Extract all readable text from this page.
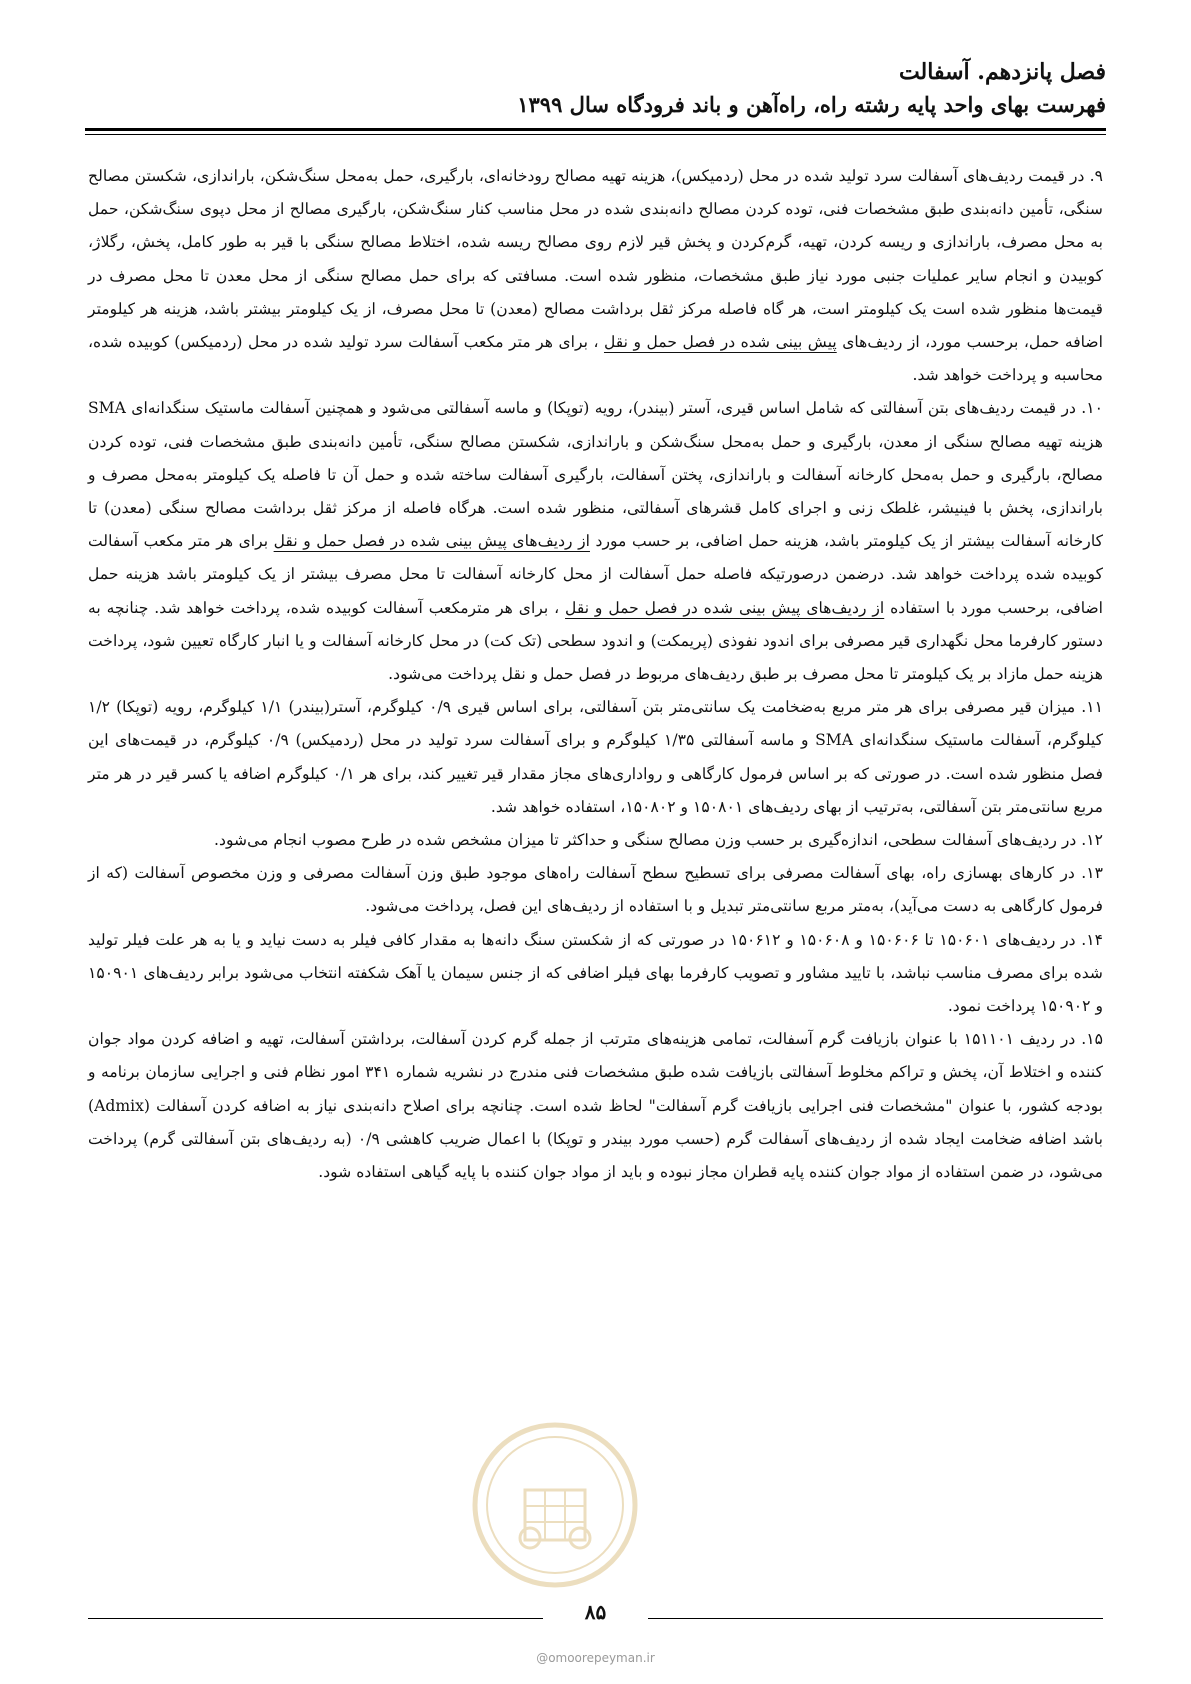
فصل پانزدهم. آسفالت
فهرست بهای واحد پایه رشته راه، راه‌آهن و باند فرودگاه سال ۱۳۹۹

۹. در قیمت ردیف‌های آسفالت سرد تولید شده در محل (ردمیکس)، هزینه تهیه مصالح رودخانه‌ای، بارگیری، حمل به‌محل سنگ‌شکن، باراندازی، شکستن مصالح سنگی، تأمین دانه‌بندی طبق مشخصات فنی، توده کردن مصالح دانه‌بندی شده در محل مناسب کنار سنگ‌شکن، بارگیری مصالح از محل دپوی سنگ‌شکن، حمل به محل مصرف، باراندازی و ریسه کردن، تهیه، گرم‌کردن و پخش قیر لازم روی مصالح ریسه شده، اختلاط مصالح سنگی با قیر به طور کامل، پخش، رگلاژ، کوبیدن و انجام سایر عملیات جنبی مورد نیاز طبق مشخصات، منظور شده است. مسافتی که برای حمل مصالح سنگی از محل معدن تا محل مصرف در قیمت‌ها منظور شده است یک کیلومتر است، هر گاه فاصله مرکز ثقل برداشت مصالح (معدن) تا محل مصرف، از یک کیلومتر بیشتر باشد، هزینه هر کیلومتر اضافه حمل، برحسب مورد، از ردیف‌های پیش بینی شده در فصل حمل و نقل ، برای هر متر مکعب آسفالت سرد تولید شده در محل (ردمیکس) کوبیده شده، محاسبه و پرداخت خواهد شد.

۱۰. در قیمت ردیف‌های بتن آسفالتی که شامل اساس قیری، آستر (بیندر)، رویه (توپکا) و ماسه آسفالتی می‌شود و همچنین آسفالت ماستیک سنگدانه‌ای SMA هزینه تهیه مصالح سنگی از معدن، بارگیری و حمل به‌محل سنگ‌شکن و باراندازی، شکستن مصالح سنگی، تأمین دانه‌بندی طبق مشخصات فنی، توده کردن مصالح، بارگیری و حمل به‌محل کارخانه آسفالت و باراندازی، پختن آسفالت، بارگیری آسفالت ساخته شده و حمل آن تا فاصله یک کیلومتر به‌محل مصرف و باراندازی، پخش با فینیشر، غلطک زنی و اجرای کامل قشرهای آسفالتی، منظور شده است. هرگاه فاصله از مرکز ثقل برداشت مصالح سنگی (معدن) تا کارخانه آسفالت بیشتر از یک کیلومتر باشد، هزینه حمل اضافی، بر حسب مورد از ردیف‌های پیش بینی شده در فصل حمل و نقل برای هر متر مکعب آسفالت کوبیده شده پرداخت خواهد شد. درضمن درصورتیکه فاصله حمل آسفالت از محل کارخانه آسفالت تا محل مصرف بیشتر از یک کیلومتر باشد هزینه حمل اضافی، برحسب مورد با استفاده از ردیف‌های پیش بینی شده در فصل حمل و نقل ، برای هر مترمکعب آسفالت کوبیده شده، پرداخت خواهد شد. چنانچه به دستور کارفرما محل نگهداری قیر مصرفی برای اندود نفوذی (پریمکت) و اندود سطحی (تک کت) در محل کارخانه آسفالت و یا انبار کارگاه تعیین شود، پرداخت هزینه حمل مازاد بر یک کیلومتر تا محل مصرف بر طبق ردیف‌های مربوط در فصل حمل و نقل پرداخت می‌شود.

۱۱. میزان قیر مصرفی برای هر متر مربع به‌ضخامت یک سانتی‌متر بتن آسفالتی، برای اساس قیری ۰/۹ کیلوگرم، آستر(بیندر) ۱/۱ کیلوگرم، رویه (توپکا) ۱/۲ کیلوگرم، آسفالت ماستیک سنگدانه‌ای SMA و ماسه آسفالتی ۱/۳۵ کیلوگرم و برای آسفالت سرد تولید در محل (ردمیکس) ۰/۹ کیلوگرم، در قیمت‌های این فصل منظور شده است. در صورتی که بر اساس فرمول کارگاهی و رواداری‌های مجاز مقدار قیر تغییر کند، برای هر ۰/۱ کیلوگرم اضافه یا کسر قیر در هر متر مربع سانتی‌متر بتن آسفالتی، به‌ترتیب از بهای ردیف‌های ۱۵۰۸۰۱ و ۱۵۰۸۰۲، استفاده خواهد شد.

۱۲. در ردیف‌های آسفالت سطحی، اندازه‌گیری بر حسب وزن مصالح سنگی و حداکثر تا میزان مشخص شده در طرح مصوب انجام می‌شود.

۱۳. در کارهای بهسازی راه، بهای آسفالت مصرفی برای تسطیح سطح آسفالت راه‌های موجود طبق وزن آسفالت مصرفی و وزن مخصوص آسفالت (که از فرمول کارگاهی به دست می‌آید)، به‌متر مربع سانتی‌متر تبدیل و با استفاده از ردیف‌های این فصل، پرداخت می‌شود.

۱۴. در ردیف‌های ۱۵۰۶۰۱ تا ۱۵۰۶۰۶ و ۱۵۰۶۰۸ و ۱۵۰۶۱۲ در صورتی که از شکستن سنگ دانه‌ها به مقدار کافی فیلر به دست نیاید و یا به هر علت فیلر تولید شده برای مصرف مناسب نباشد، با تایید مشاور و تصویب کارفرما بهای فیلر اضافی که از جنس سیمان یا آهک شکفته انتخاب می‌شود برابر ردیف‌های ۱۵۰۹۰۱ و ۱۵۰۹۰۲ پرداخت نمود.

۱۵. در ردیف ۱۵۱۱۰۱ با عنوان بازیافت گرم آسفالت، تمامی هزینه‌های مترتب از جمله گرم کردن آسفالت، برداشتن آسفالت، تهیه و اضافه کردن مواد جوان کننده و اختلاط آن، پخش و تراکم مخلوط آسفالتی بازیافت شده طبق مشخصات فنی مندرج در نشریه شماره ۳۴۱ امور نظام فنی و اجرایی سازمان برنامه و بودجه کشور، با عنوان "مشخصات فنی اجرایی بازیافت گرم آسفالت" لحاظ شده است. چنانچه برای اصلاح دانه‌بندی نیاز به اضافه کردن آسفالت (Admix) باشد اضافه ضخامت ایجاد شده از ردیف‌های آسفالت گرم (حسب مورد بیندر و توپکا) با اعمال ضریب کاهشی ۰/۹ (به ردیف‌های بتن آسفالتی گرم) پرداخت می‌شود، در ضمن استفاده از مواد جوان کننده پایه قطران مجاز نبوده و باید از مواد جوان کننده با پایه گیاهی استفاده شود.

۸۵
@omoorepeyman.ir
